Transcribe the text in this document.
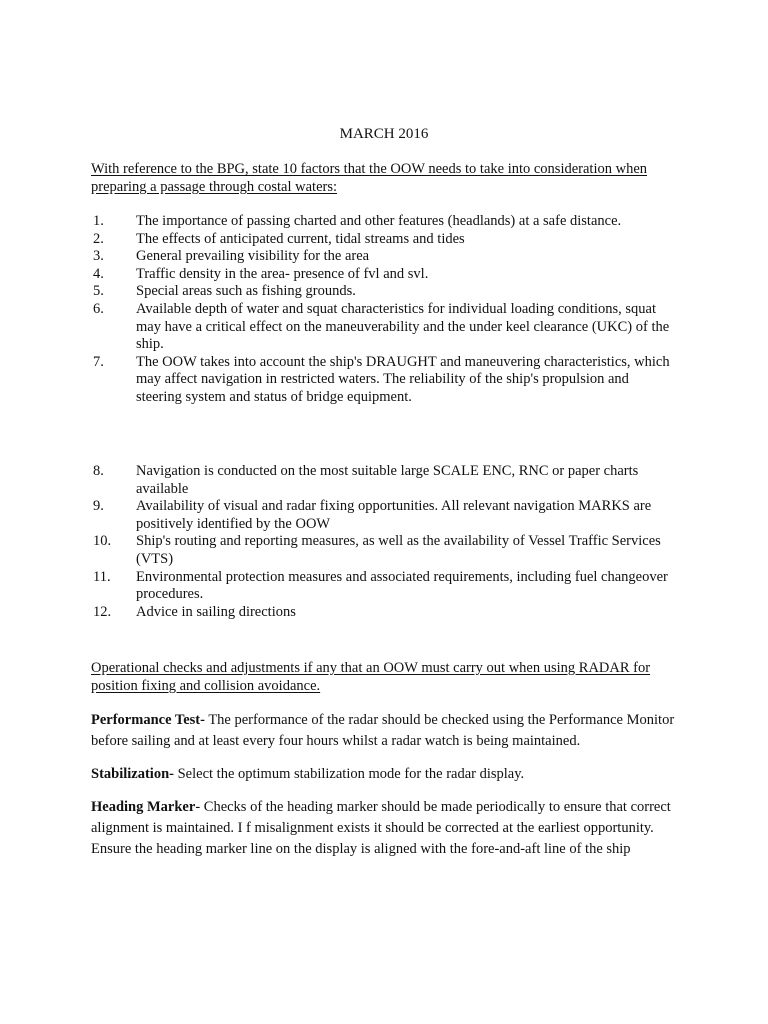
MARCH 2016
With reference to the BPG, state 10 factors that the OOW needs to take into consideration when preparing a passage through costal waters:
1.	The importance of passing charted and other features (headlands) at a safe distance.
2.	The effects of anticipated current, tidal streams and tides
3.	General prevailing visibility for the area
4.	Traffic density in the area- presence of fvl and svl.
5.	Special areas such as fishing grounds.
6.	Available depth of water and squat characteristics for individual loading conditions, squat may have a critical effect on the maneuverability and the under keel clearance (UKC) of the ship.
7.	The OOW takes into account the ship's DRAUGHT and maneuvering characteristics, which may affect navigation in restricted waters. The reliability of the ship's propulsion and steering system and status of bridge equipment.
8.	Navigation is conducted on the most suitable large SCALE ENC, RNC or paper charts available
9.	Availability of visual and radar fixing opportunities. All relevant navigation MARKS are positively identified by the OOW
10.	Ship's routing and reporting measures, as well as the availability of Vessel Traffic Services (VTS)
11.	Environmental protection measures and associated requirements, including fuel changeover procedures.
12.	Advice in sailing directions
Operational checks and adjustments if any that an OOW must carry out when using RADAR for position fixing and collision avoidance.
Performance Test- The performance of the radar should be checked using the Performance Monitor before sailing and at least every four hours whilst a radar watch is being maintained.
Stabilization- Select the optimum stabilization mode for the radar display.
Heading Marker- Checks of the heading marker should be made periodically to ensure that correct alignment is maintained. I f misalignment exists it should be corrected at the earliest opportunity. Ensure the heading marker line on the display is aligned with the fore-and-aft line of the ship
